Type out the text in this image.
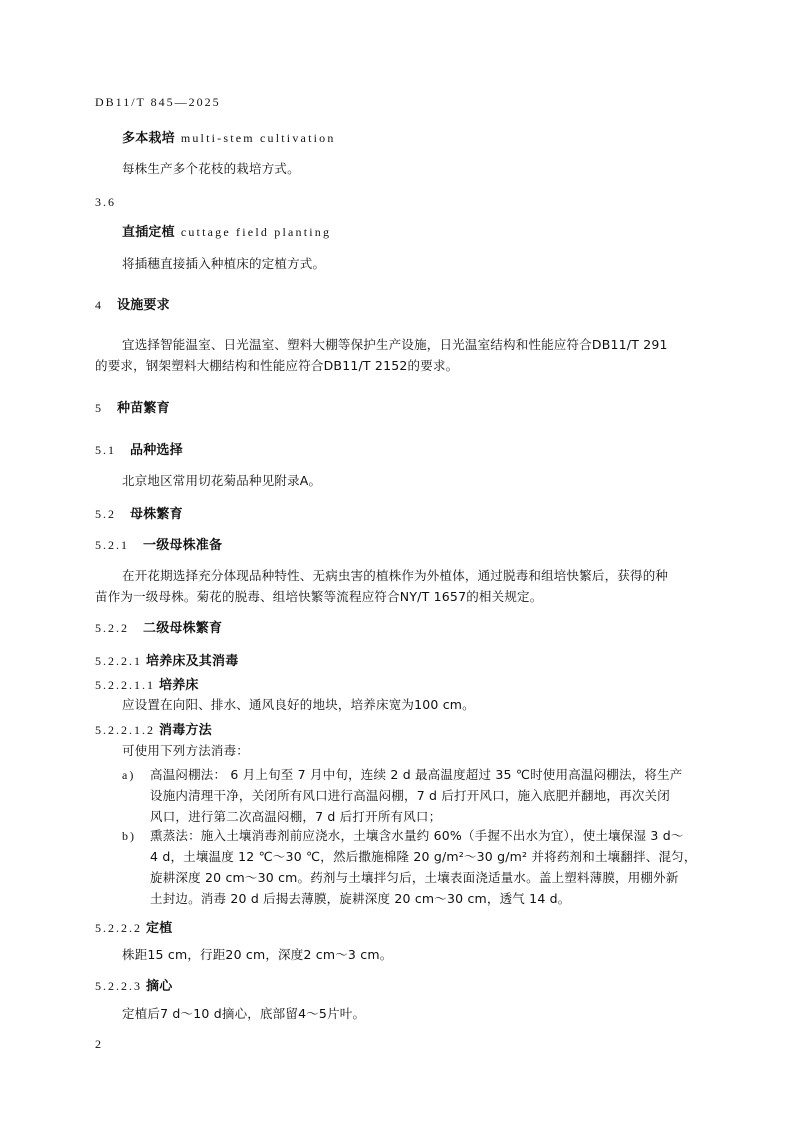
DB11/T 845—2025
多本栽培 multi-stem cultivation
每株生产多个花枝的栽培方式。
3.6
直插定植 cuttage field planting
将插穗直接插入种植床的定植方式。
4 设施要求
宜选择智能温室、日光温室、塑料大棚等保护生产设施，日光温室结构和性能应符合DB11/T 291
的要求，钢架塑料大棚结构和性能应符合DB11/T 2152的要求。
5 种苗繁育
5.1 品种选择
北京地区常用切花菊品种见附录A。
5.2 母株繁育
5.2.1 一级母株准备
在开花期选择充分体现品种特性、无病虫害的植株作为外植体，通过脱毒和组培快繁后，获得的种
苗作为一级母株。菊花的脱毒、组培快繁等流程应符合NY/T 1657的相关规定。
5.2.2 二级母株繁育
5.2.2.1 培养床及其消毒
5.2.2.1.1 培养床
应设置在向阳、排水、通风良好的地块，培养床宽为100 cm。
5.2.2.1.2 消毒方法
可使用下列方法消毒：
a) 高温闷棚法： 6 月上旬至 7 月中旬，连续 2 d 最高温度超过 35 ℃时使用高温闷棚法，将生产
设施内清理干净，关闭所有风口进行高温闷棚，7 d 后打开风口，施入底肥并翻地，再次关闭
风口，进行第二次高温闷棚，7 d 后打开所有风口；
b) 熏蒸法：施入土壤消毒剂前应浇水，土壤含水量约 60%（手握不出水为宜），使土壤保湿 3 d～
4 d，土壤温度 12 ℃～30 ℃，然后撒施棉隆 20 g/m²～30 g/m² 并将药剂和土壤翻拌、混匀，
旋耕深度 20 cm～30 cm。药剂与土壤拌匀后，土壤表面浇适量水。盖上塑料薄膜，用棚外新
土封边。消毒 20 d 后揭去薄膜，旋耕深度 20 cm～30 cm，透气 14 d。
5.2.2.2 定植
株距15 cm，行距20 cm，深度2 cm～3 cm。
5.2.2.3 摘心
定植后7 d～10 d摘心，底部留4～5片叶。
2
